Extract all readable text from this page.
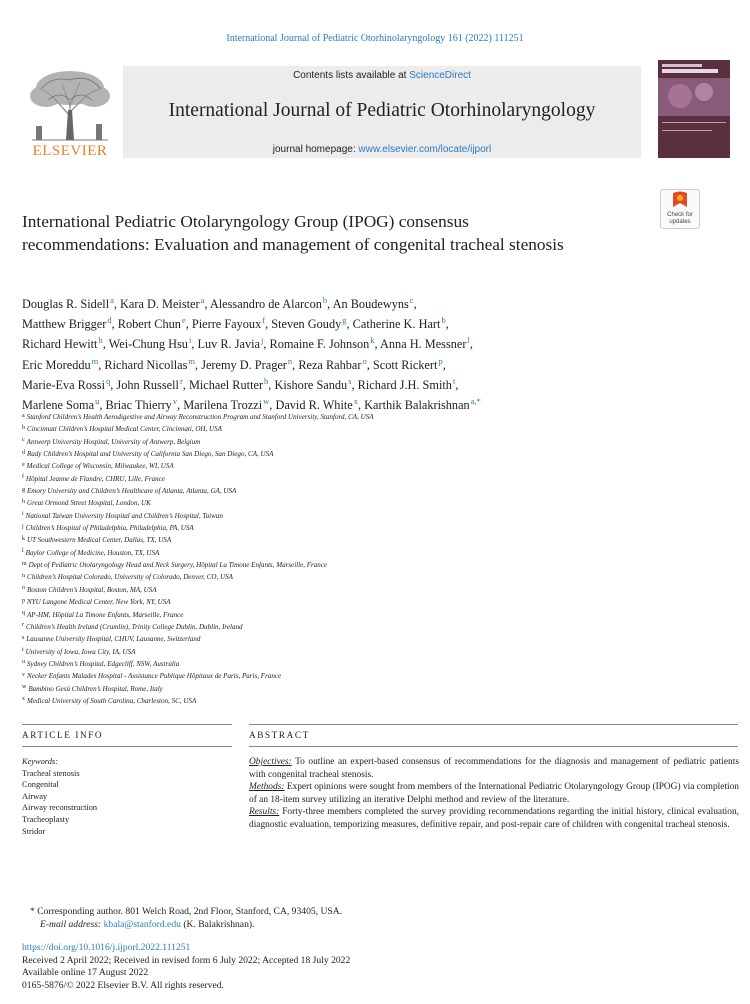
International Journal of Pediatric Otorhinolaryngology 161 (2022) 111251
ELSEVIER
Contents lists available at ScienceDirect
International Journal of Pediatric Otorhinolaryngology
journal homepage: www.elsevier.com/locate/ijporl
Check for updates
International Pediatric Otolaryngology Group (IPOG) consensus recommendations: Evaluation and management of congenital tracheal stenosis
Douglas R. Sidell$^a$, Kara D. Meister$^a$, Alessandro de Alarcon$^b$, An Boudewyns$^c$,
Matthew Brigger$^d$, Robert Chun$^e$, Pierre Fayoux$^f$, Steven Goudy$^g$, Catherine K. Hart$^b$,
Richard Hewitt$^h$, Wei-Chung Hsu$^i$, Luv R. Javia$^j$, Romaine F. Johnson$^k$, Anna H. Messner$^l$,
Eric Moreddu$^m$, Richard Nicollas$^m$, Jeremy D. Prager$^n$, Reza Rahbar$^o$, Scott Rickert$^p$,
Marie-Eva Rossi$^q$, John Russell$^r$, Michael Rutter$^b$, Kishore Sandu$^s$, Richard J.H. Smith$^t$,
Marlene Soma$^u$, Briac Thierry$^v$, Marilena Trozzi$^w$, David R. White$^x$, Karthik Balakrishnan$^{a,*}$
a Stanford Children’s Health Aerodigestive and Airway Reconstruction Program and Stanford University, Stanford, CA, USA
b Cincinnati Children’s Hospital Medical Center, Cincinnati, OH, USA
c Antwerp University Hospital, University of Antwerp, Belgium
d Rady Children’s Hospital and University of California San Diego, San Diego, CA, USA
e Medical College of Wisconsin, Milwaukee, WI, USA
f Hôpital Jeanne de Flandre, CHRU, Lille, France
g Emory University and Children’s Healthcare of Atlanta, Atlanta, GA, USA
h Great Ormond Street Hospital, London, UK
i National Taiwan University Hospital and Children’s Hospital, Taiwan
j Children’s Hospital of Philadelphia, Philadelphia, PA, USA
k UT Southwestern Medical Center, Dallas, TX, USA
l Baylor College of Medicine, Houston, TX, USA
m Dept of Pediatric Otolaryngology Head and Neck Surgery, Hôpital La Timone Enfants, Marseille, France
n Children’s Hospital Colorado, University of Colorado, Denver, CO, USA
o Boston Children’s Hospital, Boston, MA, USA
p NYU Langone Medical Center, New York, NY, USA
q AP-HM, Hôpital La Timone Enfants, Marseille, France
r Children’s Health Ireland (Crumlin), Trinity College Dublin, Dublin, Ireland
s Lausanne University Hospital, CHUV, Lausanne, Switzerland
t University of Iowa, Iowa City, IA, USA
u Sydney Children’s Hospital, Edgecliff, NSW, Australia
v Necker Enfants Malades Hospital - Assistance Publique Hôpitaux de Paris, Paris, France
w Bambino Gesù Children’s Hospital, Rome, Italy
x Medical University of South Carolina, Charleston, SC, USA
ARTICLE INFO	ABSTRACT
Keywords:
Tracheal stenosis
Congenital
Airway
Airway reconstruction
Tracheoplasty
Stridor
Objectives: To outline an expert-based consensus of recommendations for the diagnosis and management of pediatric patients with congenital tracheal stenosis.
Methods: Expert opinions were sought from members of the International Pediatric Otolaryngology Group (IPOG) via completion of an 18-item survey utilizing an iterative Delphi method and review of the literature.
Results: Forty-three members completed the survey providing recommendations regarding the initial history, clinical evaluation, diagnostic evaluation, temporizing measures, definitive repair, and post-repair care of children with congenital tracheal stenosis.
* Corresponding author. 801 Welch Road, 2nd Floor, Stanford, CA, 93405, USA.
E-mail address: kbala@stanford.edu (K. Balakrishnan).
https://doi.org/10.1016/j.ijporl.2022.111251
Received 2 April 2022; Received in revised form 6 July 2022; Accepted 18 July 2022
Available online 17 August 2022
0165-5876/© 2022 Elsevier B.V. All rights reserved.
